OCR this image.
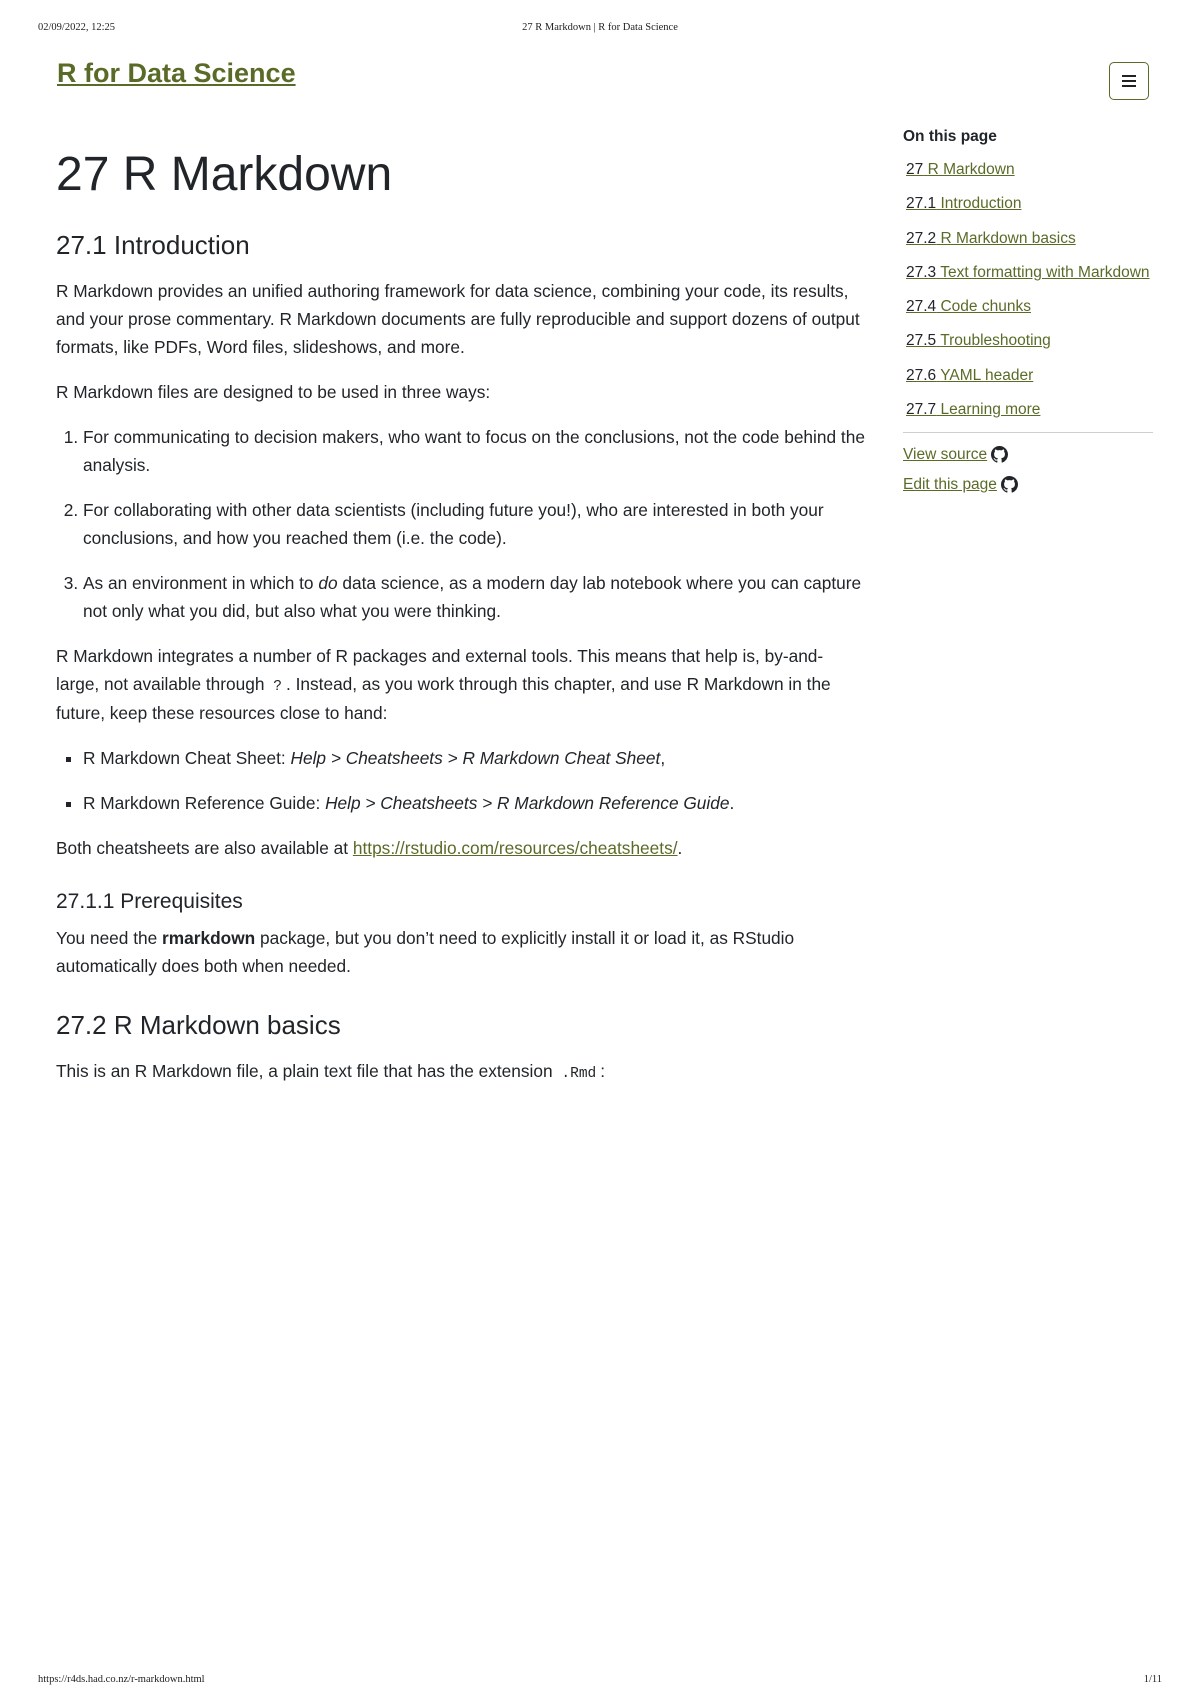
02/09/2022, 12:25	27 R Markdown | R for Data Science
R for Data Science
27 R Markdown
27.1 Introduction

R Markdown provides an unified authoring framework for data science, combining your code, its results, and your prose commentary. R Markdown documents are fully reproducible and support dozens of output formats, like PDFs, Word files, slideshows, and more.

R Markdown files are designed to be used in three ways:

1. For communicating to decision makers, who want to focus on the conclusions, not the code behind the analysis.
2. For collaborating with other data scientists (including future you!), who are interested in both your conclusions, and how you reached them (i.e. the code).
3. As an environment in which to do data science, as a modern day lab notebook where you can capture not only what you did, but also what you were thinking.

R Markdown integrates a number of R packages and external tools. This means that help is, by-and-large, not available through ? . Instead, as you work through this chapter, and use R Markdown in the future, keep these resources close to hand:

▪ R Markdown Cheat Sheet: Help > Cheatsheets > R Markdown Cheat Sheet,
▪ R Markdown Reference Guide: Help > Cheatsheets > R Markdown Reference Guide.

Both cheatsheets are also available at https://rstudio.com/resources/cheatsheets/.

27.1.1 Prerequisites

You need the rmarkdown package, but you don’t need to explicitly install it or load it, as RStudio automatically does both when needed.

27.2 R Markdown basics

This is an R Markdown file, a plain text file that has the extension .Rmd :

On this page
27 R Markdown
27.1 Introduction
27.2 R Markdown basics
27.3 Text formatting with Markdown
27.4 Code chunks
27.5 Troubleshooting
27.6 YAML header
27.7 Learning more
View source
Edit this page
https://r4ds.had.co.nz/r-markdown.html	1/11
